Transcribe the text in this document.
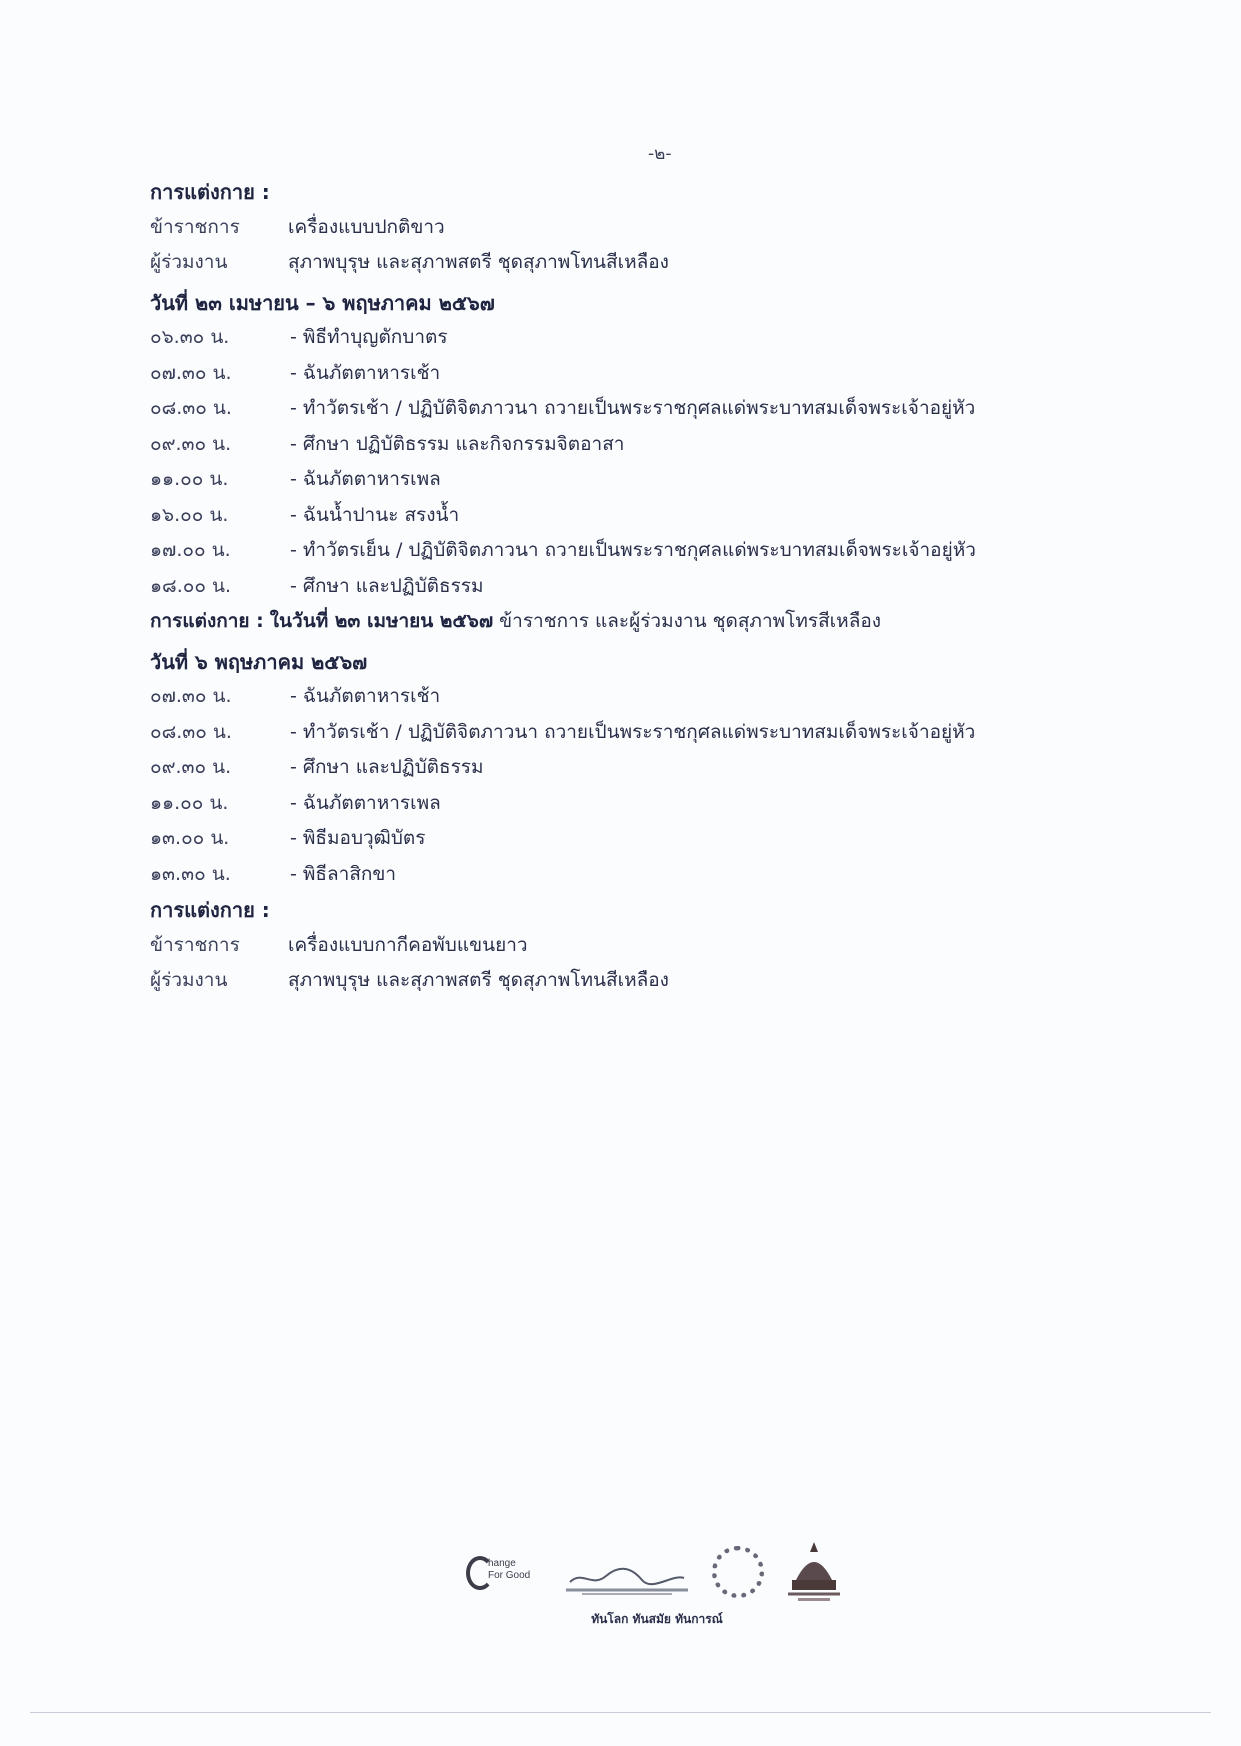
-๒-
การแต่งกาย :
ข้าราชการ	เครื่องแบบปกติขาว
ผู้ร่วมงาน	สุภาพบุรุษ และสุภาพสตรี ชุดสุภาพโทนสีเหลือง
วันที่ ๒๓ เมษายน – ๖ พฤษภาคม ๒๕๖๗
๐๖.๓๐ น.	- พิธีทำบุญตักบาตร
๐๗.๓๐ น.	- ฉันภัตตาหารเช้า
๐๘.๓๐ น.	- ทำวัตรเช้า / ปฏิบัติจิตภาวนา ถวายเป็นพระราชกุศลแด่พระบาทสมเด็จพระเจ้าอยู่หัว
๐๙.๓๐ น.	- ศึกษา ปฏิบัติธรรม และกิจกรรมจิตอาสา
๑๑.๐๐ น.	- ฉันภัตตาหารเพล
๑๖.๐๐ น.	- ฉันน้ำปานะ สรงน้ำ
๑๗.๐๐ น.	- ทำวัตรเย็น / ปฏิบัติจิตภาวนา ถวายเป็นพระราชกุศลแด่พระบาทสมเด็จพระเจ้าอยู่หัว
๑๘.๐๐ น.	- ศึกษา และปฏิบัติธรรม
การแต่งกาย : ในวันที่ ๒๓ เมษายน ๒๕๖๗ ข้าราชการ และผู้ร่วมงาน ชุดสุภาพโทรสีเหลือง
วันที่ ๖ พฤษภาคม ๒๕๖๗
๐๗.๓๐ น.	- ฉันภัตตาหารเช้า
๐๘.๓๐ น.	- ทำวัตรเช้า / ปฏิบัติจิตภาวนา ถวายเป็นพระราชกุศลแด่พระบาทสมเด็จพระเจ้าอยู่หัว
๐๙.๓๐ น.	- ศึกษา และปฏิบัติธรรม
๑๑.๐๐ น.	- ฉันภัตตาหารเพล
๑๓.๐๐ น.	- พิธีมอบวุฒิบัตร
๑๓.๓๐ น.	- พิธีลาสิกขา
การแต่งกาย :
ข้าราชการ	เครื่องแบบกากีคอพับแขนยาว
ผู้ร่วมงาน	สุภาพบุรุษ และสุภาพสตรี ชุดสุภาพโทนสีเหลือง
hange
For Good
ทันโลก ทันสมัย ทันการณ์
